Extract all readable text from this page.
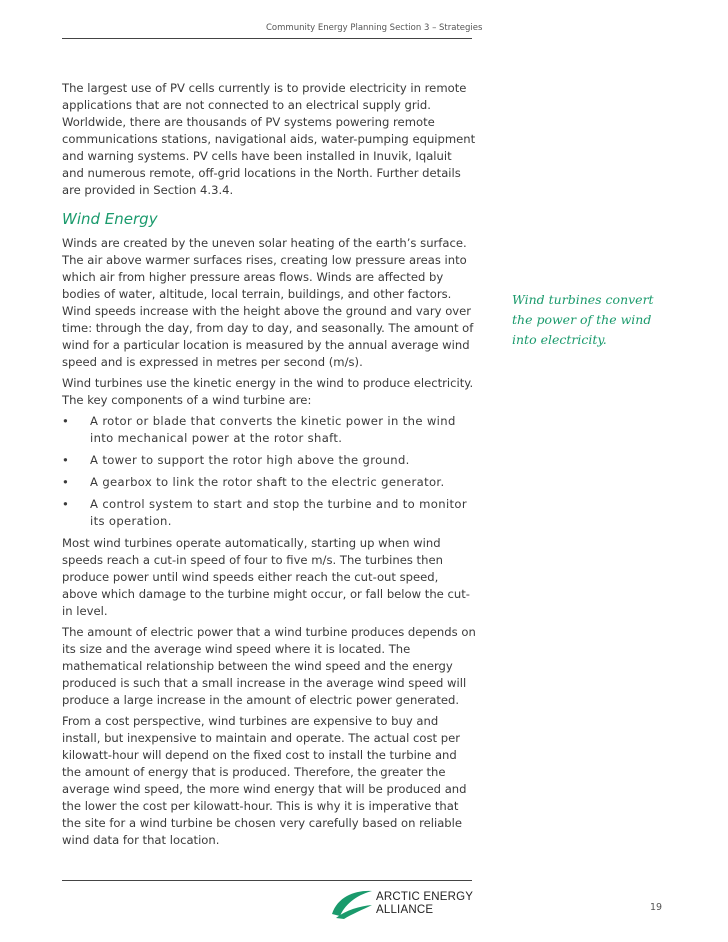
Community Energy Planning Section 3 – Strategies

The largest use of PV cells currently is to provide electricity in remote applications that are not connected to an electrical supply grid. Worldwide, there are thousands of PV systems powering remote communications stations, navigational aids, water-pumping equipment and warning systems. PV cells have been installed in Inuvik, Iqaluit and numerous remote, off-grid locations in the North. Further details are provided in Section 4.3.4.

Wind Energy

Winds are created by the uneven solar heating of the earth’s surface. The air above warmer surfaces rises, creating low pressure areas into which air from higher pressure areas flows. Winds are affected by bodies of water, altitude, local terrain, buildings, and other factors. Wind speeds increase with the height above the ground and vary over time: through the day, from day to day, and seasonally. The amount of wind for a particular location is measured by the annual average wind speed and is expressed in metres per second (m/s).

Wind turbines use the kinetic energy in the wind to produce electricity. The key components of a wind turbine are:

• A rotor or blade that converts the kinetic power in the wind into mechanical power at the rotor shaft.
• A tower to support the rotor high above the ground.
• A gearbox to link the rotor shaft to the electric generator.
• A control system to start and stop the turbine and to monitor its operation.

Most wind turbines operate automatically, starting up when wind speeds reach a cut-in speed of four to five m/s. The turbines then produce power until wind speeds either reach the cut-out speed, above which damage to the turbine might occur, or fall below the cut-in level.

The amount of electric power that a wind turbine produces depends on its size and the average wind speed where it is located. The mathematical relationship between the wind speed and the energy produced is such that a small increase in the average wind speed will produce a large increase in the amount of electric power generated.

From a cost perspective, wind turbines are expensive to buy and install, but inexpensive to maintain and operate. The actual cost per kilowatt-hour will depend on the fixed cost to install the turbine and the amount of energy that is produced. Therefore, the greater the average wind speed, the more wind energy that will be produced and the lower the cost per kilowatt-hour. This is why it is imperative that the site for a wind turbine be chosen very carefully based on reliable wind data for that location.

Wind turbines convert the power of the wind into electricity.
ARCTIC ENERGY
ALLIANCE	19
